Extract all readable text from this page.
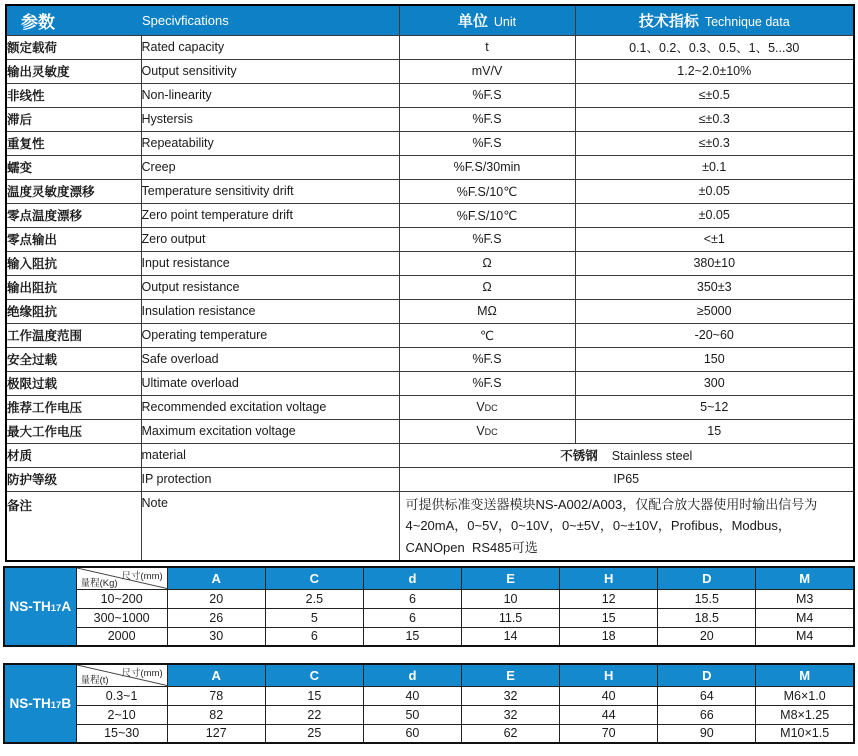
参数 Specivfications		单位 Unit	技术指标 Technique data
额定载荷	Rated capacity	t	0.1、0.2、0.3、0.5、1、5...30
输出灵敏度	Output sensitivity	mV/V	1.2~2.0±10%
非线性	Non-linearity	%F.S	≤±0.5
滞后	Hystersis	%F.S	≤±0.3
重复性	Repeatability	%F.S	≤±0.3
蠕变	Creep	%F.S/30min	±0.1
温度灵敏度漂移	Temperature sensitivity drift	%F.S/10℃	±0.05
零点温度漂移	Zero point temperature drift	%F.S/10℃	±0.05
零点输出	Zero output	%F.S	<±1
输入阻抗	Input resistance	Ω	380±10
输出阻抗	Output resistance	Ω	350±3
绝缘阻抗	Insulation resistance	MΩ	≥5000
工作温度范围	Operating temperature	℃	-20~60
安全过载	Safe overload	%F.S	150
极限过载	Ultimate overload	%F.S	300
推荐工作电压	Recommended excitation voltage	VDC	5~12
最大工作电压	Maximum excitation voltage	VDC	15
材质	material	不锈钢 Stainless steel	
防护等级	IP protection	IP65	
备注	Note	可提供标准变送器模块NS-A002/A003，仅配合放大器使用时输出信号为
4~20mA，0~5V，0~10V，0~±5V，0~±10V，Profibus，Modbus，
CANOpen  RS485可选	
NS-TH17A	尺寸(mm)
量程(Kg)	A	C	d	E	H	D	M
	10~200	20	2.5	6	10	12	15.5	M3
	300~1000	26	5	6	11.5	15	18.5	M4
	2000	30	6	15	14	18	20	M4
NS-TH17B	尺寸(mm)
量程(t)	A	C	d	E	H	D	M
	0.3~1	78	15	40	32	40	64	M6×1.0
	2~10	82	22	50	32	44	66	M8×1.25
	15~30	127	25	60	62	70	90	M10×1.5
